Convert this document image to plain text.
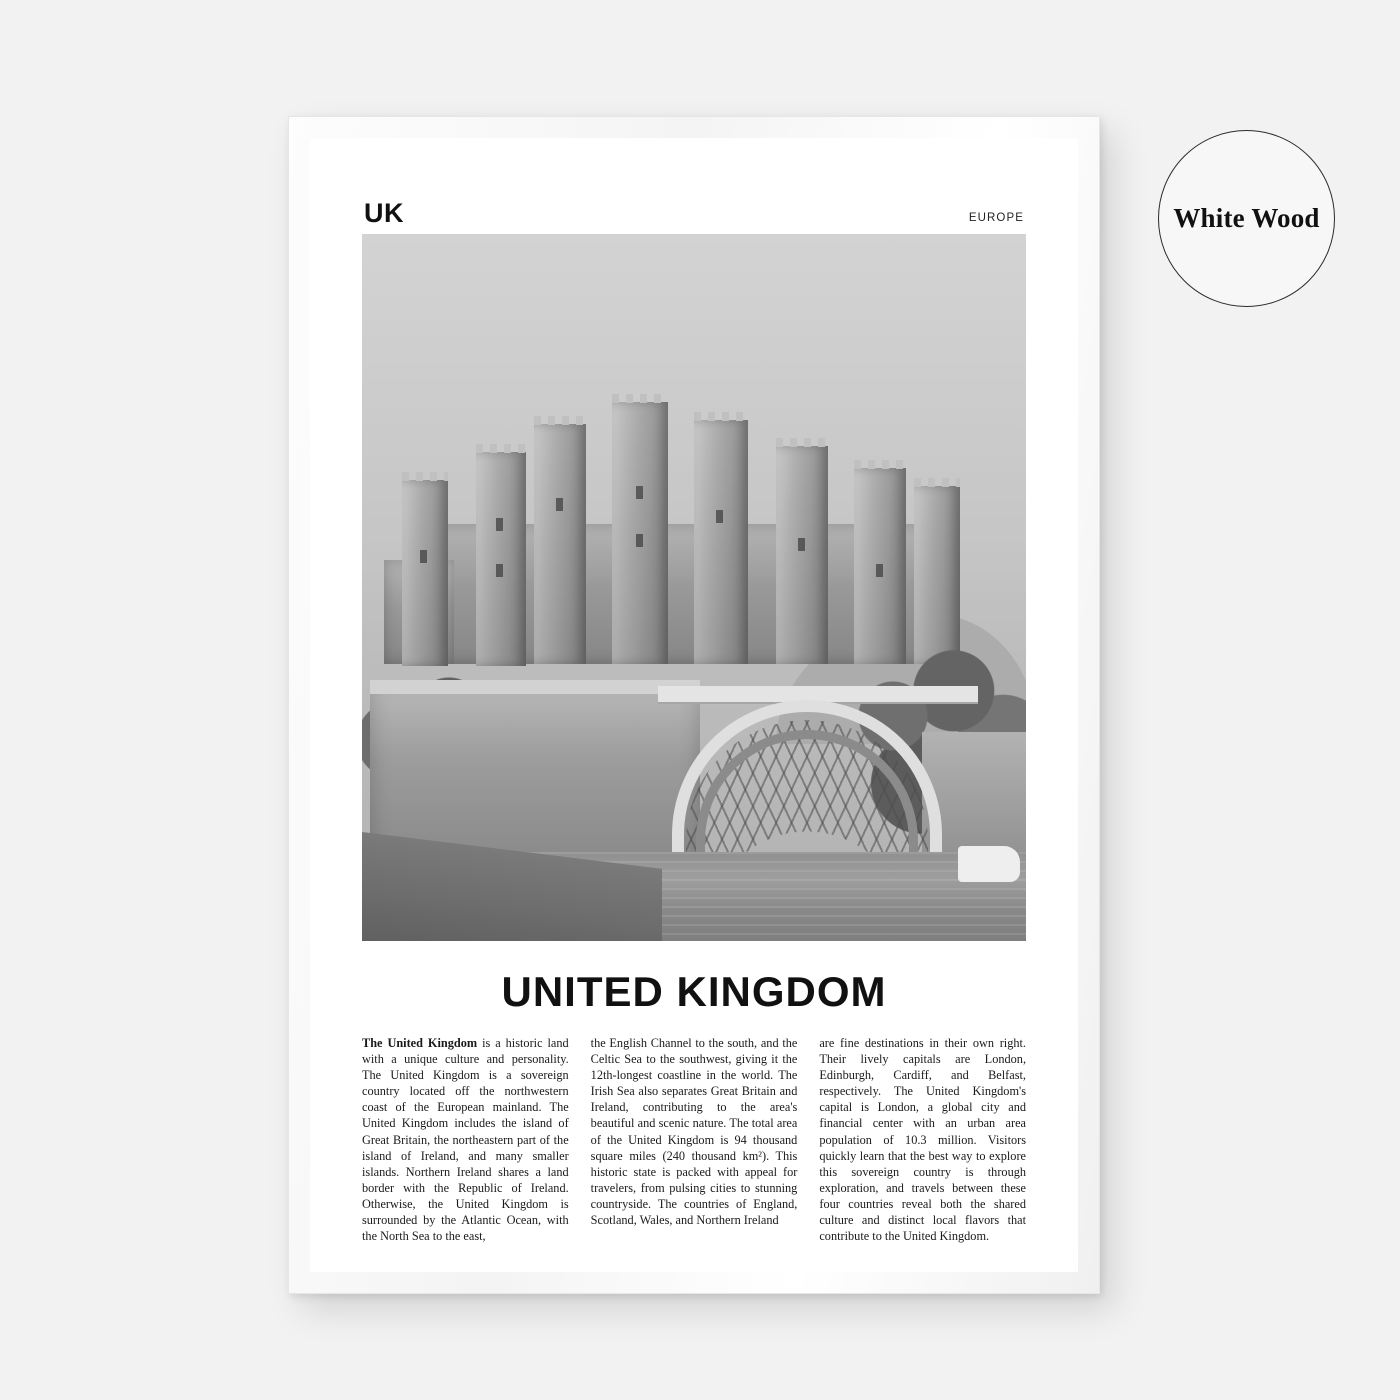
White Wood
UK	EUROPE
UNITED KINGDOM
The United Kingdom is a historic land with a unique culture and personality. The United Kingdom is a sovereign country located off the northwestern coast of the European mainland. The United Kingdom includes the island of Great Britain, the northeastern part of the island of Ireland, and many smaller islands. Northern Ireland shares a land border with the Republic of Ireland. Otherwise, the United Kingdom is surrounded by the Atlantic Ocean, with the North Sea to the east,
the English Channel to the south, and the Celtic Sea to the southwest, giving it the 12th-longest coastline in the world. The Irish Sea also separates Great Britain and Ireland, contributing to the area's beautiful and scenic nature. The total area of the United Kingdom is 94 thousand square miles (240 thousand km²). This historic state is packed with appeal for travelers, from pulsing cities to stunning countryside. The countries of England, Scotland, Wales, and Northern Ireland
are fine destinations in their own right. Their lively capitals are London, Edinburgh, Cardiff, and Belfast, respectively. The United Kingdom's capital is London, a global city and financial center with an urban area population of 10.3 million. Visitors quickly learn that the best way to explore this sovereign country is through exploration, and travels between these four countries reveal both the shared culture and distinct local flavors that contribute to the United Kingdom.
